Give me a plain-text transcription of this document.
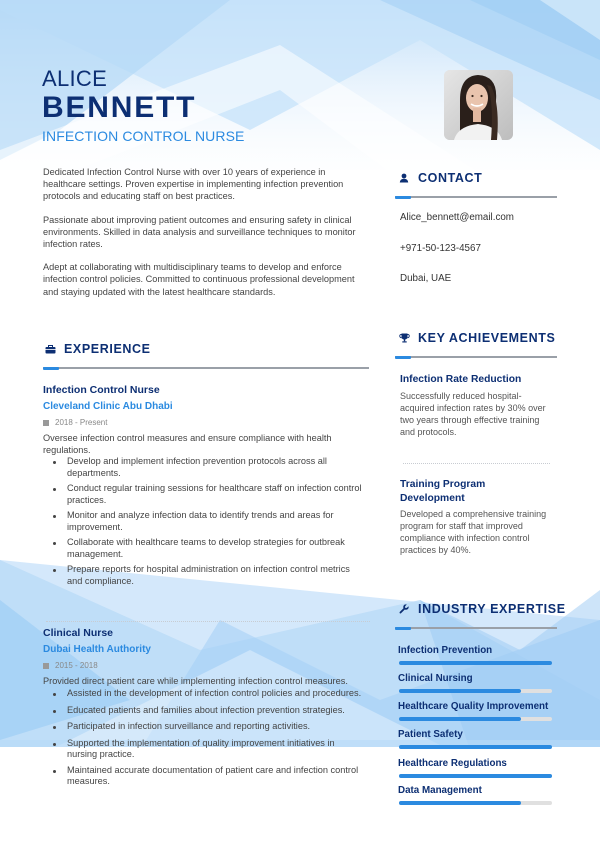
ALICE
BENNETT
INFECTION CONTROL NURSE

Dedicated Infection Control Nurse with over 10 years of experience in healthcare settings. Proven expertise in implementing infection prevention protocols and educating staff on best practices.

Passionate about improving patient outcomes and ensuring safety in clinical environments. Skilled in data analysis and surveillance techniques to monitor infection rates.

Adept at collaborating with multidisciplinary teams to develop and enforce infection control policies. Committed to continuous professional development and staying updated with the latest healthcare standards.

EXPERIENCE
Infection Control Nurse
Cleveland Clinic Abu Dhabi
2018 - Present
Oversee infection control measures and ensure compliance with health regulations.
Develop and implement infection prevention protocols across all departments.
Conduct regular training sessions for healthcare staff on infection control practices.
Monitor and analyze infection data to identify trends and areas for improvement.
Collaborate with healthcare teams to develop strategies for outbreak management.
Prepare reports for hospital administration on infection control metrics and compliance.
Clinical Nurse
Dubai Health Authority
2015 - 2018
Provided direct patient care while implementing infection control measures.
Assisted in the development of infection control policies and procedures.
Educated patients and families about infection prevention strategies.
Participated in infection surveillance and reporting activities.
Supported the implementation of quality improvement initiatives in nursing practice.
Maintained accurate documentation of patient care and infection control measures.
CONTACT
Alice_bennett@email.com
+971-50-123-4567
Dubai, UAE
KEY ACHIEVEMENTS
Infection Rate Reduction
Successfully reduced hospital-acquired infection rates by 30% over two years through effective training and protocols.
Training Program Development
Developed a comprehensive training program for staff that improved compliance with infection control practices by 40%.
INDUSTRY EXPERTISE
Infection Prevention
Clinical Nursing
Healthcare Quality Improvement
Patient Safety
Healthcare Regulations
Data Management
